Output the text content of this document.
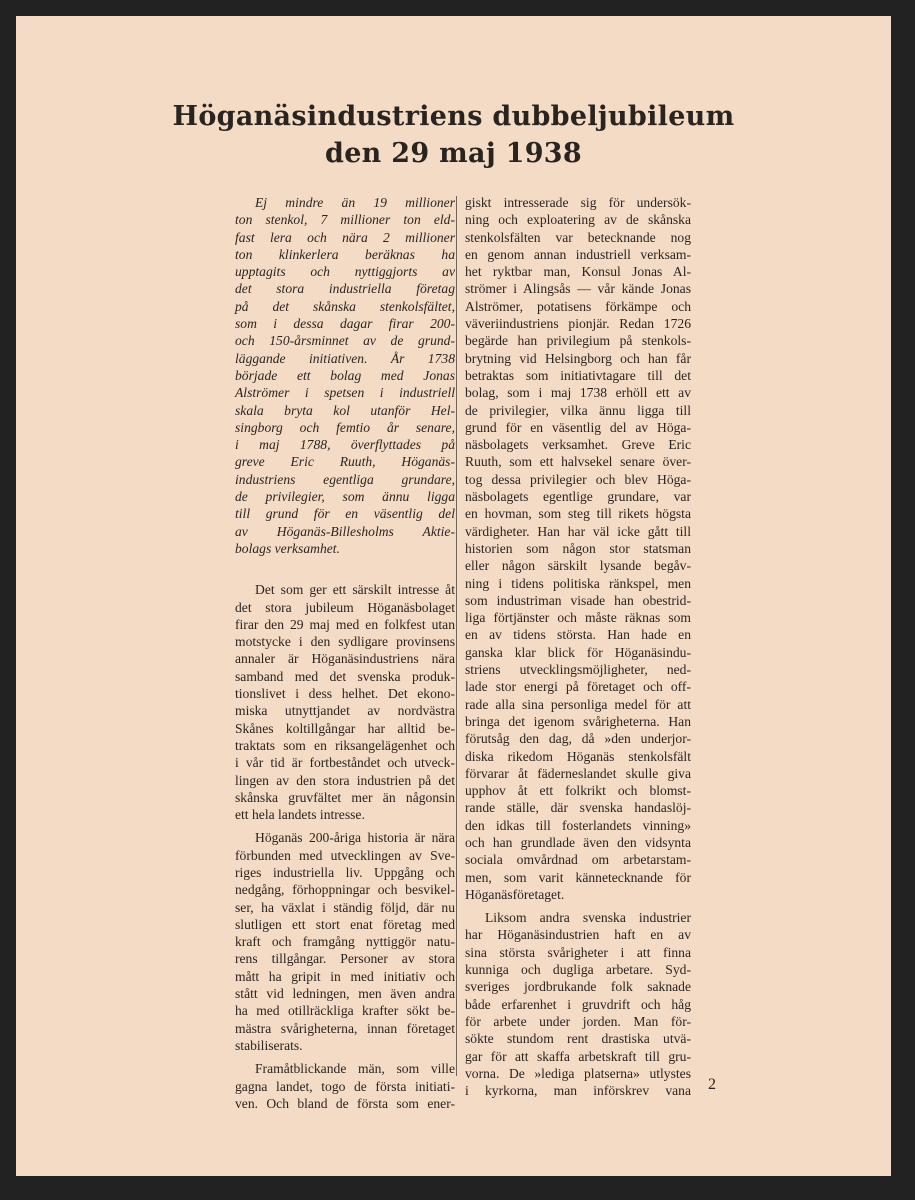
Höganäsindustriens dubbeljubileum
den 29 maj 1938
Ej mindre än 19 millioner
ton stenkol, 7 millioner ton eld-
fast lera och nära 2 millioner
ton klinkerlera beräknas ha
upptagits och nyttiggjorts av
det stora industriella företag
på det skånska stenkolsfältet,
som i dessa dagar firar 200-
och 150-årsminnet av de grund-
läggande initiativen. År 1738
började ett bolag med Jonas
Alströmer i spetsen i industriell
skala bryta kol utanför Hel-
singborg och femtio år senare,
i maj 1788, överflyttades på
greve Eric Ruuth, Höganäs-
industriens egentliga grundare,
de privilegier, som ännu ligga
till grund för en väsentlig del
av Höganäs-Billesholms Aktie-
bolags verksamhet.
Det som ger ett särskilt intresse åt
det stora jubileum Höganäsbolaget
firar den 29 maj med en folkfest utan
motstycke i den sydligare provinsens
annaler är Höganäsindustriens nära
samband med det svenska produk-
tionslivet i dess helhet. Det ekono-
miska utnyttjandet av nordvästra
Skånes koltillgångar har alltid be-
traktats som en riksangelägenhet och
i vår tid är fortbeståndet och utveck-
lingen av den stora industrien på det
skånska gruvfältet mer än någonsin
ett hela landets intresse.
Höganäs 200-åriga historia är nära
förbunden med utvecklingen av Sve-
riges industriella liv. Uppgång och
nedgång, förhoppningar och besvikel-
ser, ha växlat i ständig följd, där nu
slutligen ett stort enat företag med
kraft och framgång nyttiggör natu-
rens tillgångar. Personer av stora
mått ha gripit in med initiativ och
stått vid ledningen, men även andra
ha med otillräckliga krafter sökt be-
mästra svårigheterna, innan företaget
stabiliserats.
Framåtblickande män, som ville
gagna landet, togo de första initiati-
ven. Och bland de första som ener-
giskt intresserade sig för undersök-
ning och exploatering av de skånska
stenkolsfälten var betecknande nog
en genom annan industriell verksam-
het ryktbar man, Konsul Jonas Al-
strömer i Alingsås — vår kände Jonas
Alströmer, potatisens förkämpe och
väveriindustriens pionjär. Redan 1726
begärde han privilegium på stenkols-
brytning vid Helsingborg och han får
betraktas som initiativtagare till det
bolag, som i maj 1738 erhöll ett av
de privilegier, vilka ännu ligga till
grund för en väsentlig del av Höga-
näsbolagets verksamhet. Greve Eric
Ruuth, som ett halvsekel senare över-
tog dessa privilegier och blev Höga-
näsbolagets egentlige grundare, var
en hovman, som steg till rikets högsta
värdigheter. Han har väl icke gått till
historien som någon stor statsman
eller någon särskilt lysande begåv-
ning i tidens politiska ränkspel, men
som industriman visade han obestrid-
liga förtjänster och måste räknas som
en av tidens största. Han hade en
ganska klar blick för Höganäsindu-
striens utvecklingsmöjligheter, ned-
lade stor energi på företaget och off-
rade alla sina personliga medel för att
bringa det igenom svårigheterna. Han
förutsåg den dag, då »den underjor-
diska rikedom Höganäs stenkolsfält
förvarar åt fäderneslandet skulle giva
upphov åt ett folkrikt och blomst-
rande ställe, där svenska handaslöj-
den idkas till fosterlandets vinning»
och han grundlade även den vidsynta
sociala omvårdnad om arbetarstam-
men, som varit kännetecknande för
Höganäsföretaget.
Liksom andra svenska industrier
har Höganäsindustrien haft en av
sina största svårigheter i att finna
kunniga och dugliga arbetare. Syd-
sveriges jordbrukande folk saknade
både erfarenhet i gruvdrift och håg
för arbete under jorden. Man för-
sökte stundom rent drastiska utvä-
gar för att skaffa arbetskraft till gru-
vorna. De »lediga platserna» utlystes
i kyrkorna, man införskrev vana	2
